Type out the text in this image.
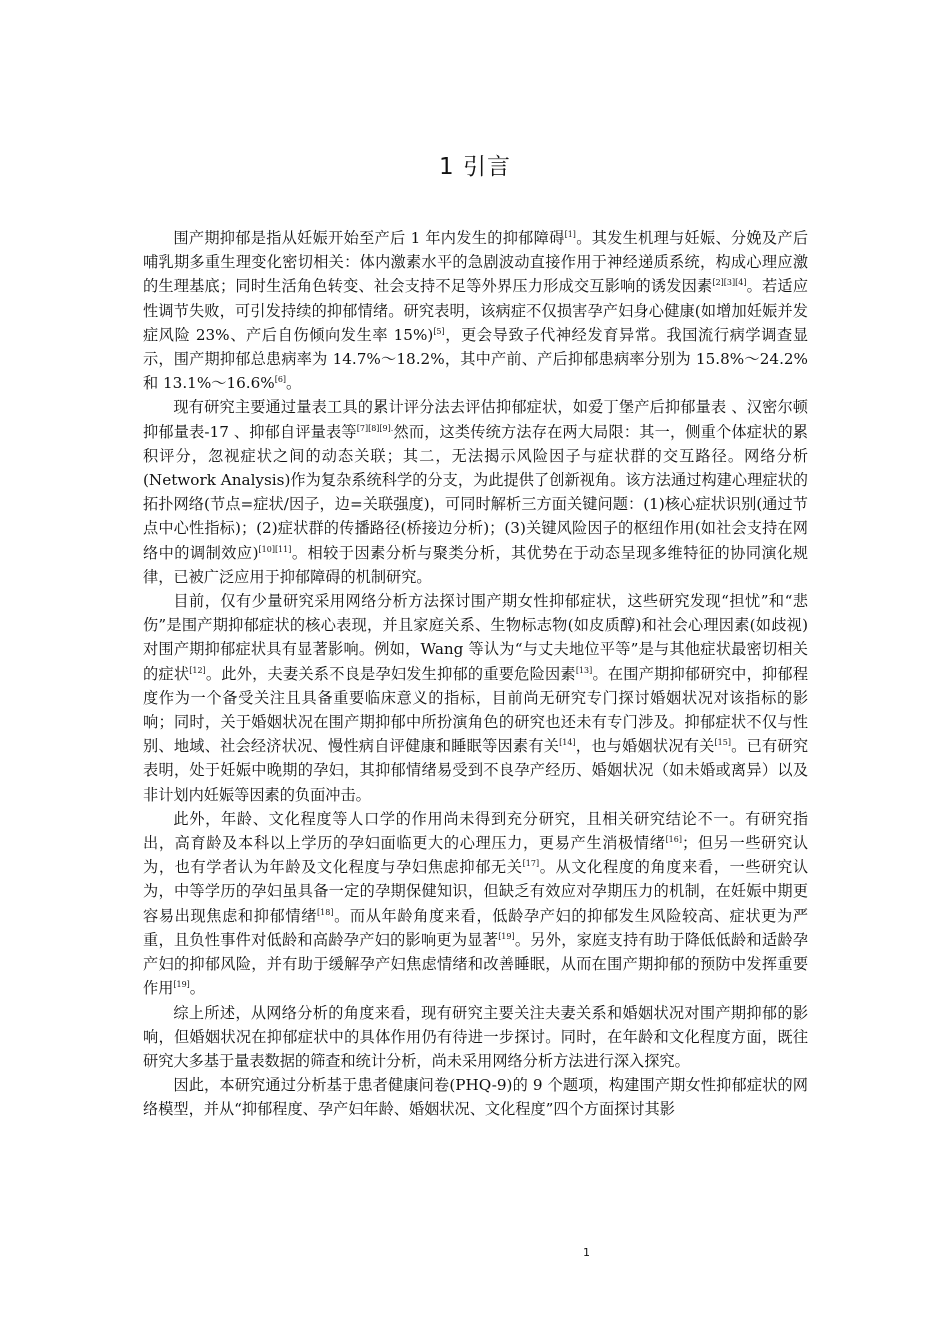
1 引言

围产期抑郁是指从妊娠开始至产后 1 年内发生的抑郁障碍[1]。其发生机理与妊娠、分娩及产后哺乳期多重生理变化密切相关：体内激素水平的急剧波动直接作用于神经递质系统，构成心理应激的生理基底；同时生活角色转变、社会支持不足等外界压力形成交互影响的诱发因素[2][3][4]。若适应性调节失败，可引发持续的抑郁情绪。研究表明，该病症不仅损害孕产妇身心健康(如增加妊娠并发症风险 23%、产后自伤倾向发生率 15%)[5]，更会导致子代神经发育异常。我国流行病学调查显示，围产期抑郁总患病率为 14.7%～18.2%，其中产前、产后抑郁患病率分别为 15.8%～24.2%和 13.1%～16.6%[6]。

现有研究主要通过量表工具的累计评分法去评估抑郁症状，如爱丁堡产后抑郁量表 、汉密尔顿抑郁量表-17 、抑郁自评量表等$^{[7][8][9].}$然而，这类传统方法存在两大局限：其一，侧重个体症状的累积评分，忽视症状之间的动态关联；其二，无法揭示风险因子与症状群的交互路径。网络分析(Network Analysis)作为复杂系统科学的分支，为此提供了创新视角。该方法通过构建心理症状的拓扑网络(节点=症状/因子，边=关联强度)，可同时解析三方面关键问题：(1)核心症状识别(通过节点中心性指标)；(2)症状群的传播路径(桥接边分析)；(3)关键风险因子的枢纽作用(如社会支持在网络中的调制效应)[10][11]。相较于因素分析与聚类分析，其优势在于动态呈现多维特征的协同演化规律，已被广泛应用于抑郁障碍的机制研究。

目前，仅有少量研究采用网络分析方法探讨围产期女性抑郁症状，这些研究发现“担忧”和“悲伤”是围产期抑郁症状的核心表现，并且家庭关系、生物标志物(如皮质醇)和社会心理因素(如歧视)对围产期抑郁症状具有显著影响。例如，Wang 等认为“与丈夫地位平等”是与其他症状最密切相关的症状[12]。此外，夫妻关系不良是孕妇发生抑郁的重要危险因素[13]。在围产期抑郁研究中，抑郁程度作为一个备受关注且具备重要临床意义的指标，目前尚无研究专门探讨婚姻状况对该指标的影响；同时，关于婚姻状况在围产期抑郁中所扮演角色的研究也还未有专门涉及。抑郁症状不仅与性别、地域、社会经济状况、慢性病自评健康和睡眠等因素有关[14]，也与婚姻状况有关[15]。已有研究表明，处于妊娠中晚期的孕妇，其抑郁情绪易受到不良孕产经历、婚姻状况（如未婚或离异）以及非计划内妊娠等因素的负面冲击。

此外，年龄、文化程度等人口学的作用尚未得到充分研究，且相关研究结论不一。有研究指出，高育龄及本科以上学历的孕妇面临更大的心理压力，更易产生消极情绪[16]；但另一些研究认为，也有学者认为年龄及文化程度与孕妇焦虑抑郁无关[17]。从文化程度的角度来看，一些研究认为，中等学历的孕妇虽具备一定的孕期保健知识，但缺乏有效应对孕期压力的机制，在妊娠中期更容易出现焦虑和抑郁情绪[18]。而从年龄角度来看，低龄孕产妇的抑郁发生风险较高、症状更为严重，且负性事件对低龄和高龄孕产妇的影响更为显著[19]。另外，家庭支持有助于降低低龄和适龄孕产妇的抑郁风险，并有助于缓解孕产妇焦虑情绪和改善睡眠，从而在围产期抑郁的预防中发挥重要作用[19]。

综上所述，从网络分析的角度来看，现有研究主要关注夫妻关系和婚姻状况对围产期抑郁的影响，但婚姻状况在抑郁症状中的具体作用仍有待进一步探讨。同时，在年龄和文化程度方面，既往研究大多基于量表数据的筛查和统计分析，尚未采用网络分析方法进行深入探究。

因此，本研究通过分析基于患者健康问卷(PHQ-9)的 9 个题项，构建围产期女性抑郁症状的网络模型，并从“抑郁程度、孕产妇年龄、婚姻状况、文化程度”四个方面探讨其影

1
